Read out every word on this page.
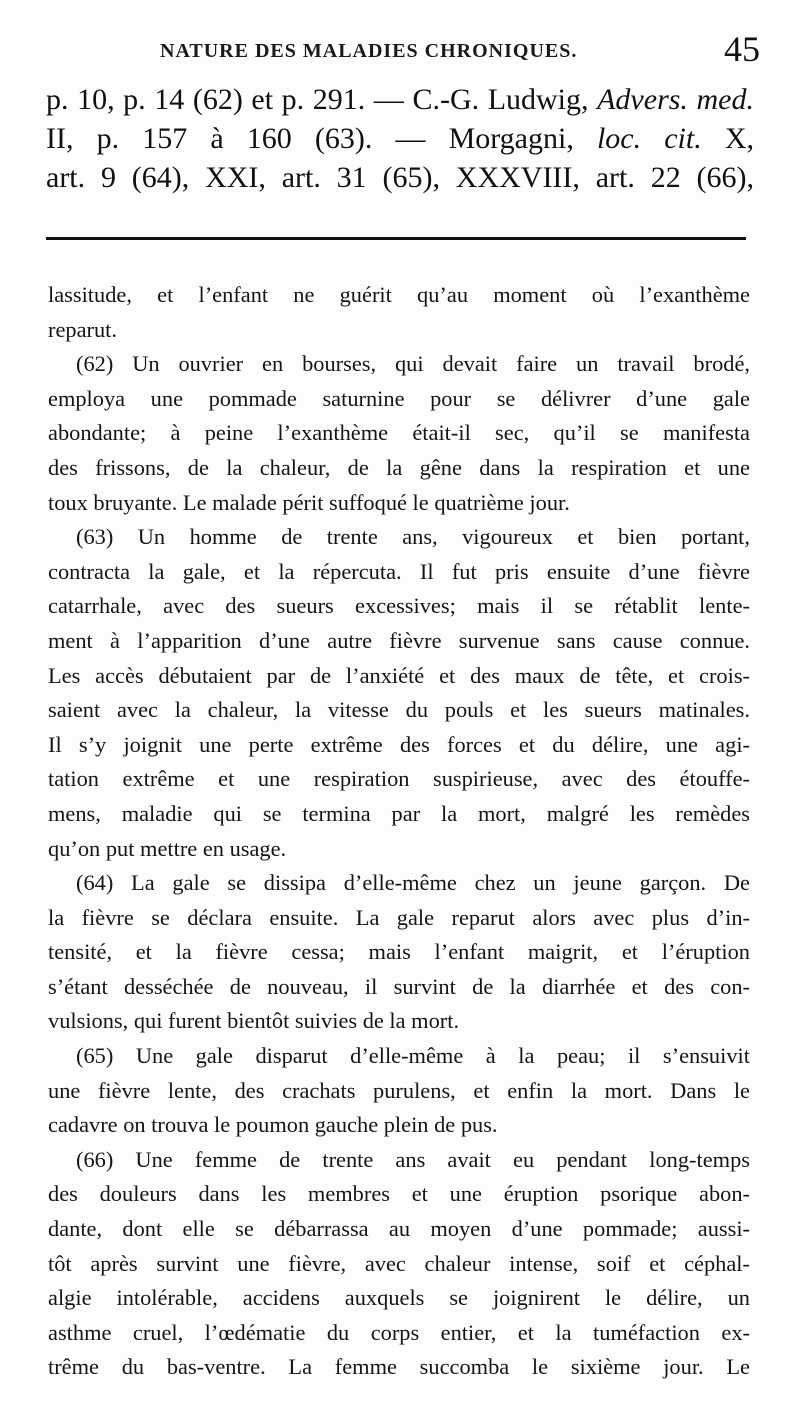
NATURE DES MALADIES CHRONIQUES.	45
p. 10, p. 14 (62) et p. 291. — C.-G. Ludwig, Advers. med.
II, p. 157 à 160 (63). — Morgagni, loc. cit. X,
art. 9 (64), XXI, art. 31 (65), XXXVIII, art. 22 (66),
lassitude, et l’enfant ne guérit qu’au moment où l’exanthème
reparut.
(62) Un ouvrier en bourses, qui devait faire un travail brodé,
employa une pommade saturnine pour se délivrer d’une gale
abondante; à peine l’exanthème était-il sec, qu’il se manifesta
des frissons, de la chaleur, de la gêne dans la respiration et une
toux bruyante. Le malade périt suffoqué le quatrième jour.
(63) Un homme de trente ans, vigoureux et bien portant,
contracta la gale, et la répercuta. Il fut pris ensuite d’une fièvre
catarrhale, avec des sueurs excessives; mais il se rétablit lente-
ment à l’apparition d’une autre fièvre survenue sans cause connue.
Les accès débutaient par de l’anxiété et des maux de tête, et crois-
saient avec la chaleur, la vitesse du pouls et les sueurs matinales.
Il s’y joignit une perte extrême des forces et du délire, une agi-
tation extrême et une respiration suspirieuse, avec des étouffe-
mens, maladie qui se termina par la mort, malgré les remèdes
qu’on put mettre en usage.
(64) La gale se dissipa d’elle-même chez un jeune garçon. De
la fièvre se déclara ensuite. La gale reparut alors avec plus d’in-
tensité, et la fièvre cessa; mais l’enfant maigrit, et l’éruption
s’étant desséchée de nouveau, il survint de la diarrhée et des con-
vulsions, qui furent bientôt suivies de la mort.
(65) Une gale disparut d’elle-même à la peau; il s’ensuivit
une fièvre lente, des crachats purulens, et enfin la mort. Dans le
cadavre on trouva le poumon gauche plein de pus.
(66) Une femme de trente ans avait eu pendant long-temps
des douleurs dans les membres et une éruption psorique abon-
dante, dont elle se débarrassa au moyen d’une pommade; aussi-
tôt après survint une fièvre, avec chaleur intense, soif et céphal-
algie intolérable, accidens auxquels se joignirent le délire, un
asthme cruel, l’œdématie du corps entier, et la tuméfaction ex-
trême du bas-ventre. La femme succomba le sixième jour. Le
